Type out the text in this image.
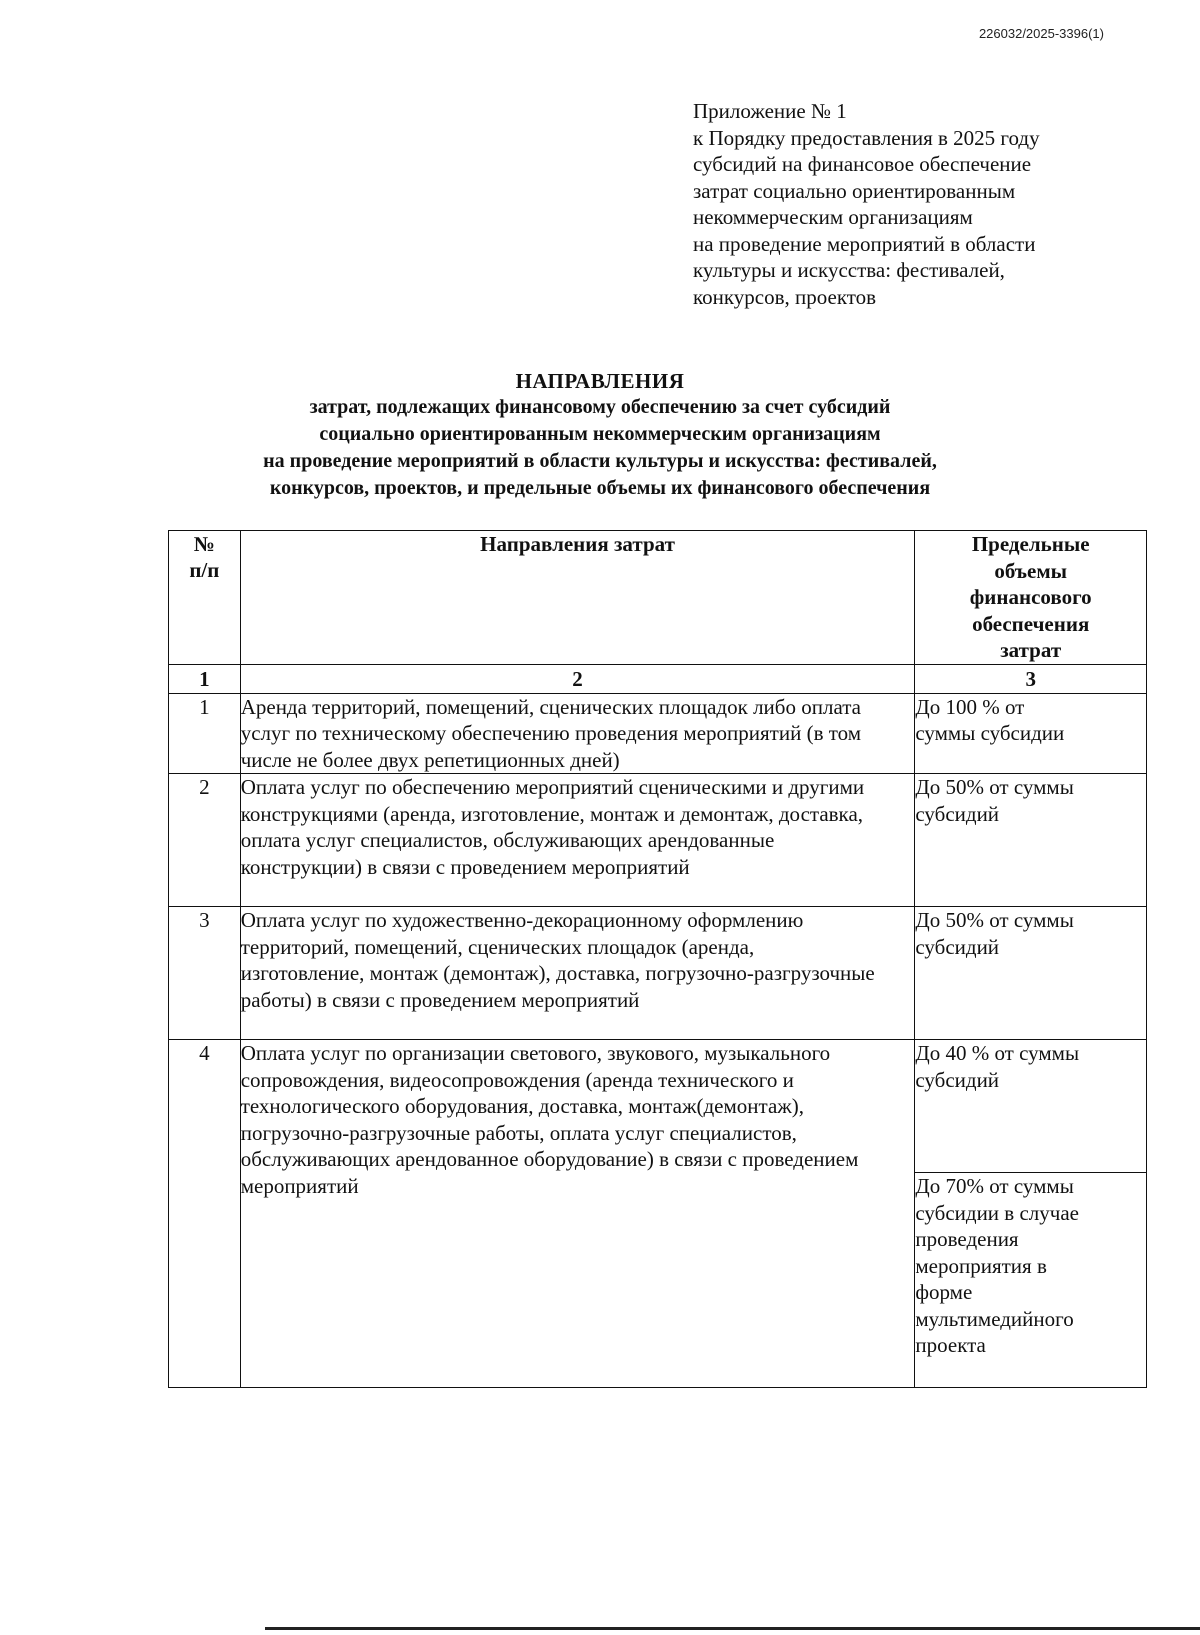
226032/2025-3396(1)
Приложение № 1
к Порядку предоставления в 2025 году
субсидий на финансовое обеспечение
затрат социально ориентированным
некоммерческим организациям
на проведение мероприятий в области
культуры и искусства: фестивалей,
конкурсов, проектов
НАПРАВЛЕНИЯ
затрат, подлежащих финансовому обеспечению за счет субсидий
социально ориентированным некоммерческим организациям
на проведение мероприятий в области культуры и искусства: фестивалей,
конкурсов, проектов, и предельные объемы их финансового обеспечения
№ п/п	Направления затрат	Предельные объемы финансового обеспечения затрат

1	2	3
1	Аренда территорий, помещений, сценических площадок либо оплата услуг по техническому обеспечению проведения мероприятий (в том числе не более двух репетиционных дней)	До 100 % от суммы субсидии

2	Оплата услуг по обеспечению мероприятий сценическими и другими конструкциями (аренда, изготовление, монтаж и демонтаж, доставка, оплата услуг специалистов, обслуживающих арендованные конструкции) в связи с проведением мероприятий	До 50% от суммы субсидий

3	Оплата услуг по художественно-декорационному оформлению территорий, помещений, сценических площадок (аренда, изготовление, монтаж (демонтаж), доставка, погрузочно-разгрузочные работы) в связи с проведением мероприятий	До 50% от суммы субсидий

4	Оплата услуг по организации светового, звукового, музыкального сопровождения, видеосопровождения (аренда технического и технологического оборудования, доставка, монтаж(демонтаж), погрузочно-разгрузочные работы, оплата услуг специалистов, обслуживающих арендованное оборудование) в связи с проведением мероприятий	До 40 % от суммы субсидий

		До 70% от суммы субсидии в случае проведения мероприятия в форме мультимедийного проекта
